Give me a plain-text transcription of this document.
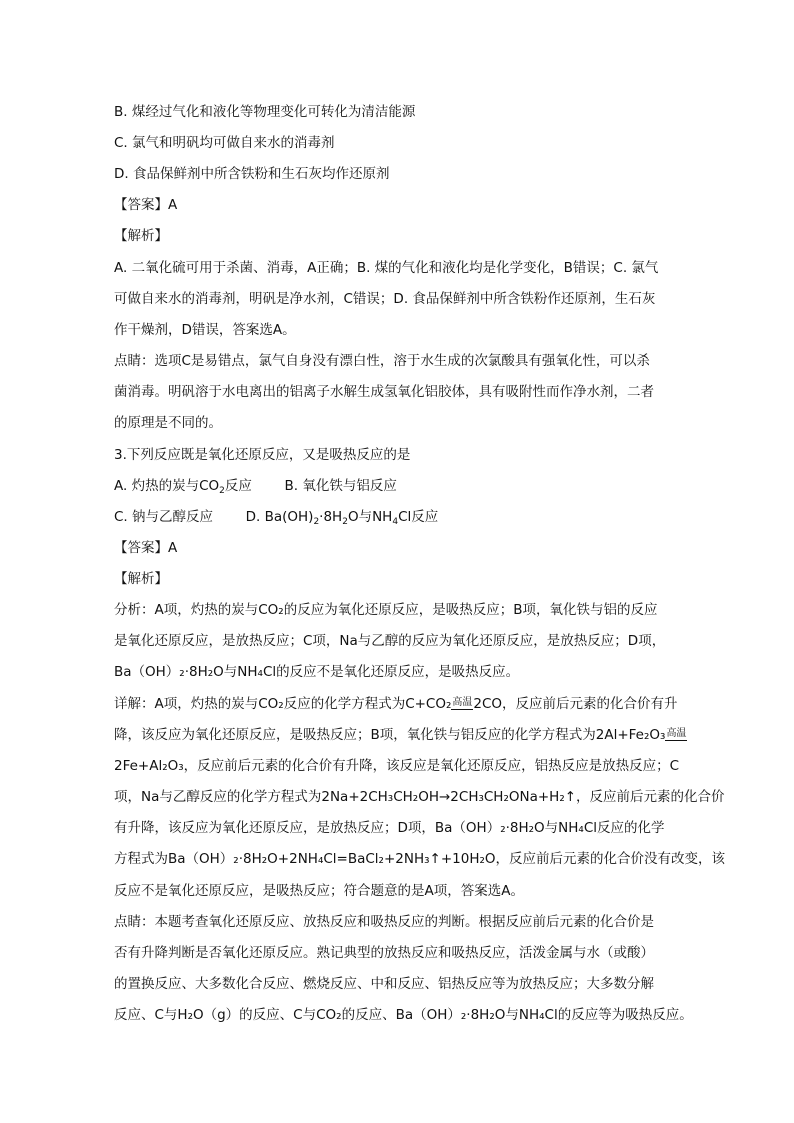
B. 煤经过气化和液化等物理变化可转化为清洁能源
C. 氯气和明矾均可做自来水的消毒剂
D. 食品保鲜剂中所含铁粉和生石灰均作还原剂
【答案】A
【解析】
A. 二氧化硫可用于杀菌、消毒，A正确；B. 煤的气化和液化均是化学变化，B错误；C. 氯气
可做自来水的消毒剂，明矾是净水剂，C错误；D. 食品保鲜剂中所含铁粉作还原剂，生石灰
作干燥剂，D错误，答案选A。
点睛：选项C是易错点，氯气自身没有漂白性，溶于水生成的次氯酸具有强氧化性，可以杀
菌消毒。明矾溶于水电离出的铝离子水解生成氢氧化铝胶体，具有吸附性而作净水剂，二者
的原理是不同的。
3.下列反应既是氧化还原反应，又是吸热反应的是
A. 灼热的炭与$CO_2$反应 B. 氧化铁与铝反应
C. 钠与乙醇反应 D. $Ba(OH)_2\cdot 8H_2O$与$NH_4Cl$反应
【答案】A
【解析】
分析：A项，灼热的炭与CO₂的反应为氧化还原反应，是吸热反应；B项，氧化铁与铝的反应
是氧化还原反应，是放热反应；C项，Na与乙醇的反应为氧化还原反应，是放热反应；D项，
Ba（OH）₂·8H₂O与NH₄Cl的反应不是氧化还原反应，是吸热反应。
详解：A项，灼热的炭与CO₂反应的化学方程式为C+CO₂高温2CO，反应前后元素的化合价有升
降，该反应为氧化还原反应，是吸热反应；B项，氧化铁与铝反应的化学方程式为2Al+Fe₂O₃高温
2Fe+Al₂O₃，反应前后元素的化合价有升降，该反应是氧化还原反应，铝热反应是放热反应；C
项，Na与乙醇反应的化学方程式为2Na+2CH₃CH₂OH→2CH₃CH₂ONa+H₂↑，反应前后元素的化合价
有升降，该反应为氧化还原反应，是放热反应；D项，Ba（OH）₂·8H₂O与NH₄Cl反应的化学
方程式为Ba（OH）₂·8H₂O+2NH₄Cl=BaCl₂+2NH₃↑+10H₂O，反应前后元素的化合价没有改变，该
反应不是氧化还原反应，是吸热反应；符合题意的是A项，答案选A。
点睛：本题考查氧化还原反应、放热反应和吸热反应的判断。根据反应前后元素的化合价是
否有升降判断是否氧化还原反应。熟记典型的放热反应和吸热反应，活泼金属与水（或酸）
的置换反应、大多数化合反应、燃烧反应、中和反应、铝热反应等为放热反应；大多数分解
反应、C与H₂O（g）的反应、C与CO₂的反应、Ba（OH）₂·8H₂O与NH₄Cl的反应等为吸热反应。
